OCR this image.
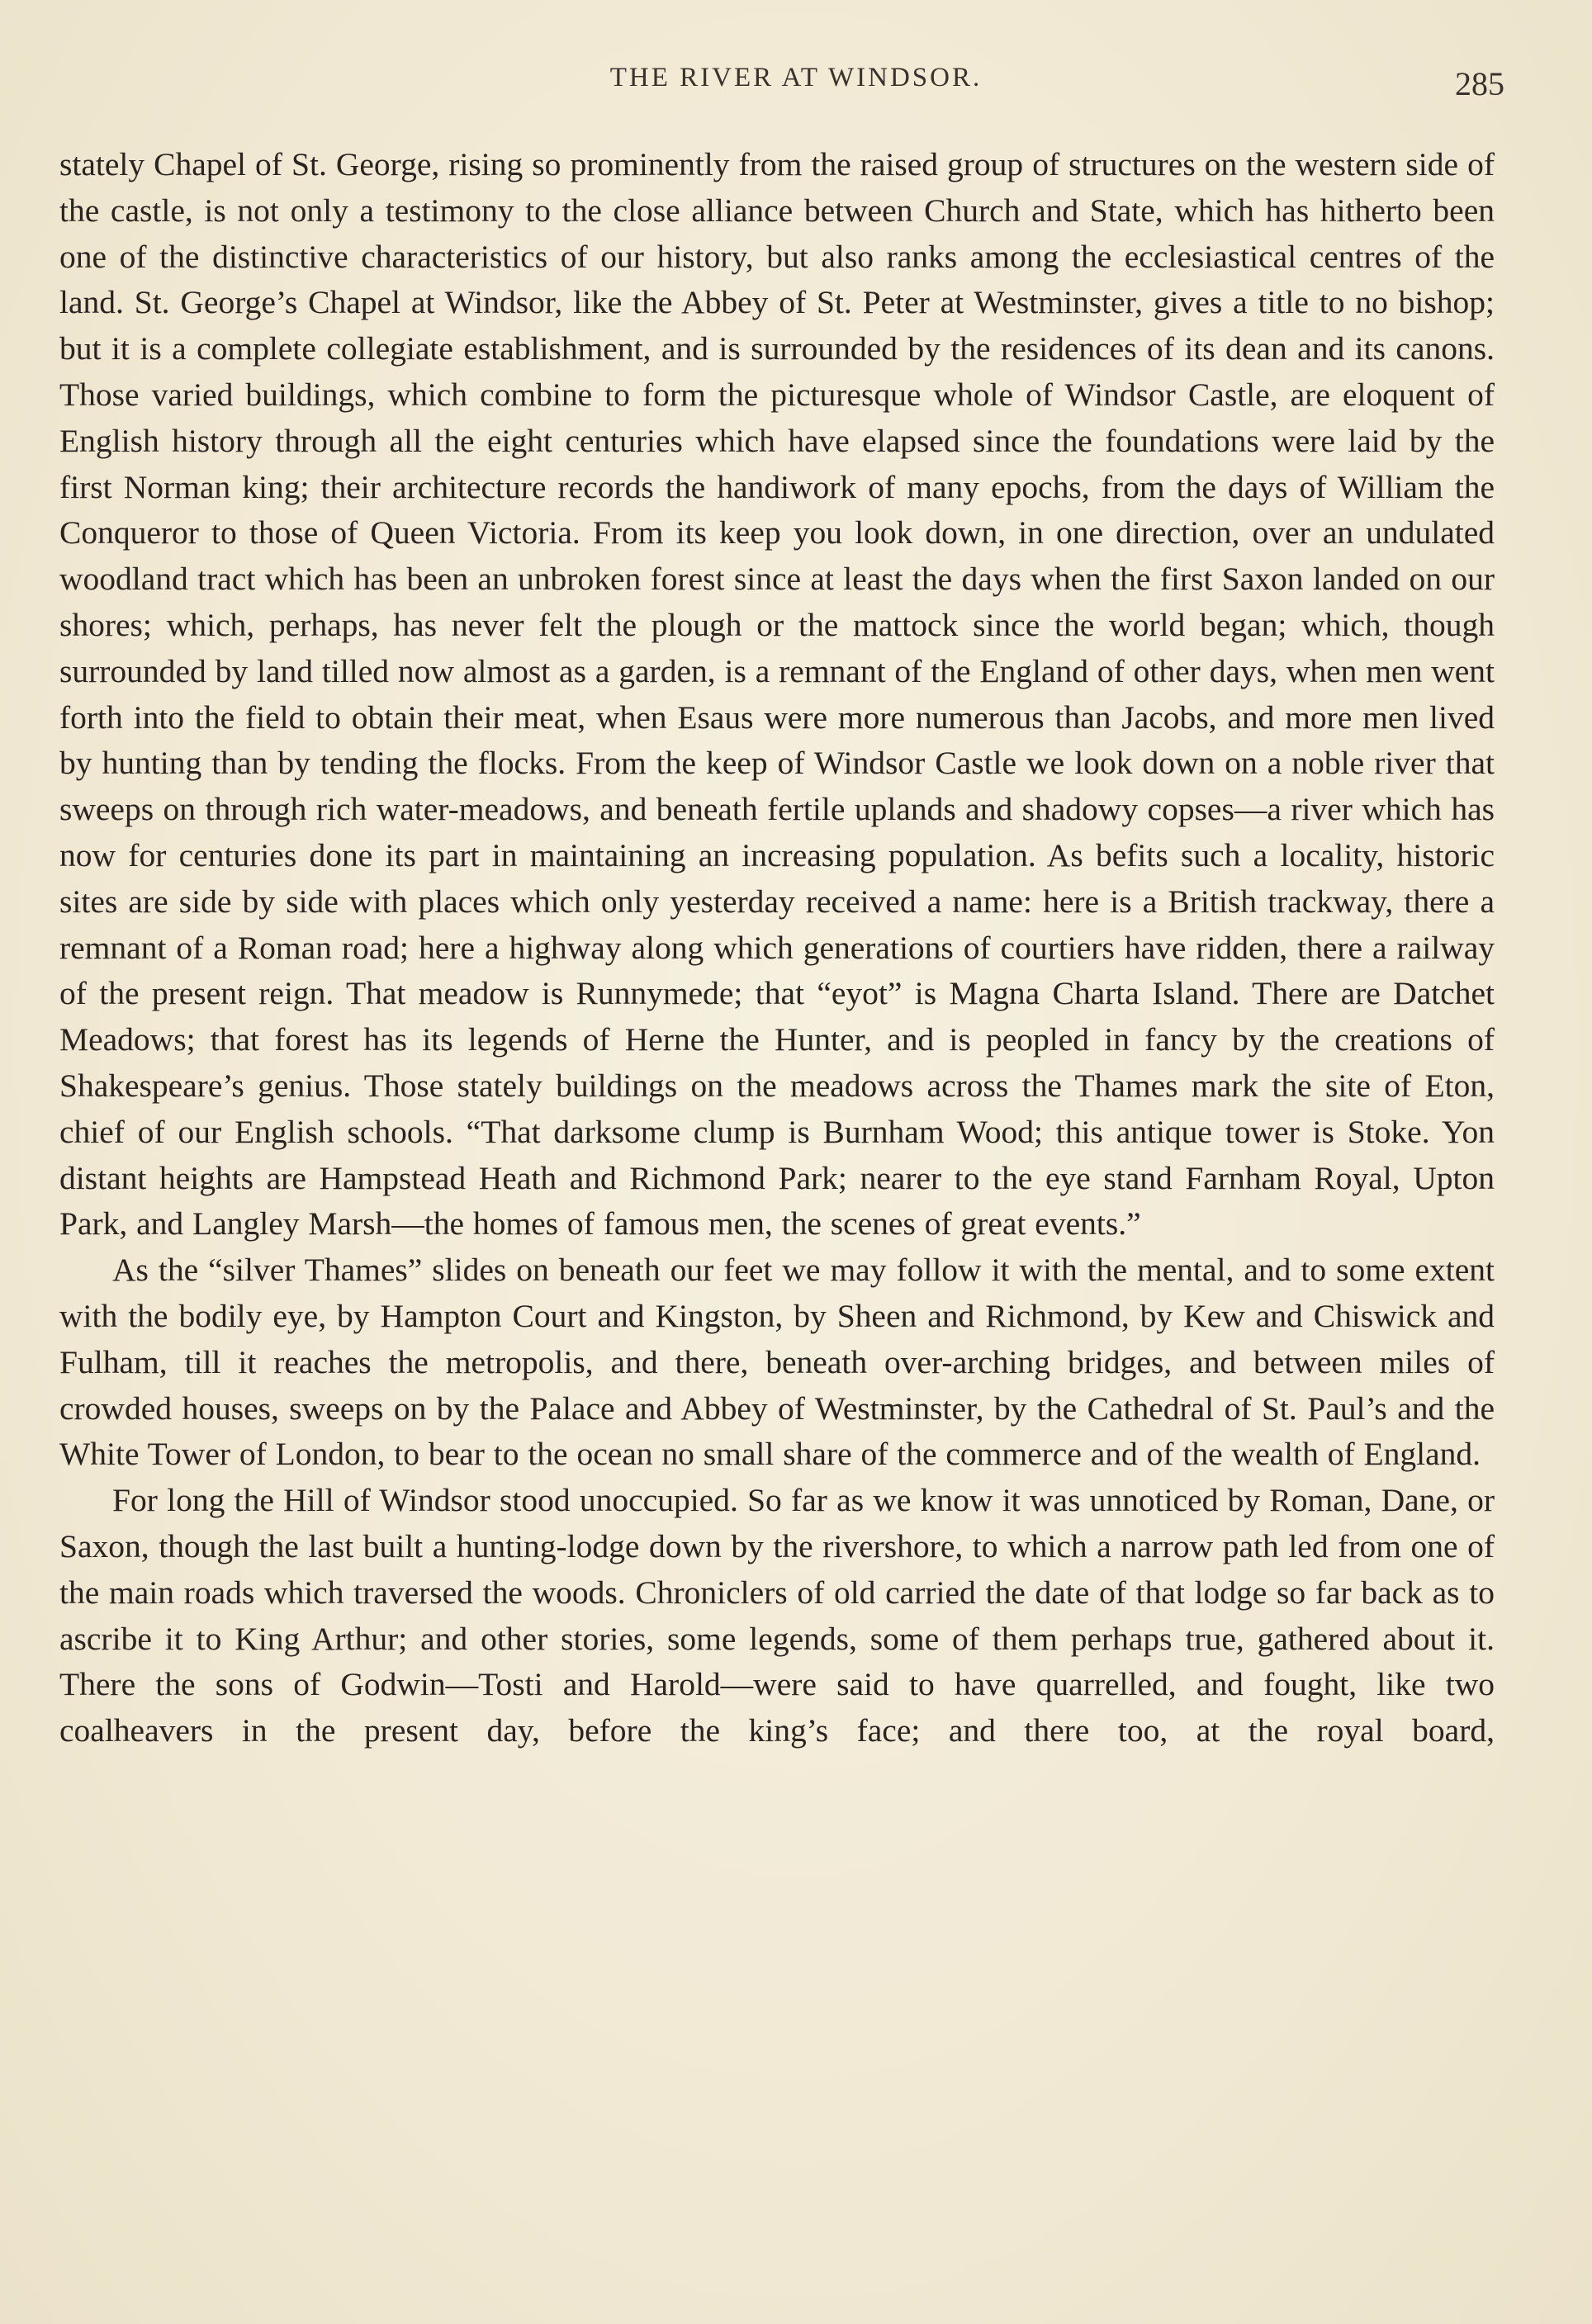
THE RIVER AT WINDSOR.	285

stately Chapel of St. George, rising so prominently from the raised group of structures on the western side of the castle, is not only a testimony to the close alliance between Church and State, which has hitherto been one of the distinctive characteristics of our history, but also ranks among the ecclesiastical centres of the land. St. George’s Chapel at Windsor, like the Abbey of St. Peter at Westminster, gives a title to no bishop; but it is a complete collegiate establishment, and is surrounded by the residences of its dean and its canons. Those varied buildings, which combine to form the picturesque whole of Windsor Castle, are eloquent of English history through all the eight centuries which have elapsed since the foundations were laid by the first Norman king; their architecture records the handiwork of many epochs, from the days of William the Conqueror to those of Queen Victoria. From its keep you look down, in one direction, over an undulated woodland tract which has been an unbroken forest since at least the days when the first Saxon landed on our shores; which, perhaps, has never felt the plough or the mattock since the world began; which, though surrounded by land tilled now almost as a garden, is a remnant of the England of other days, when men went forth into the field to obtain their meat, when Esaus were more numerous than Jacobs, and more men lived by hunting than by tending the flocks. From the keep of Windsor Castle we look down on a noble river that sweeps on through rich water-meadows, and beneath fertile uplands and shadowy copses—a river which has now for centuries done its part in maintaining an increasing population. As befits such a locality, historic sites are side by side with places which only yesterday received a name: here is a British trackway, there a remnant of a Roman road; here a highway along which generations of courtiers have ridden, there a railway of the present reign. That meadow is Runnymede; that “eyot” is Magna Charta Island. There are Datchet Meadows; that forest has its legends of Herne the Hunter, and is peopled in fancy by the creations of Shakespeare’s genius. Those stately buildings on the meadows across the Thames mark the site of Eton, chief of our English schools. “That darksome clump is Burnham Wood; this antique tower is Stoke. Yon distant heights are Hampstead Heath and Richmond Park; nearer to the eye stand Farnham Royal, Upton Park, and Langley Marsh—the homes of famous men, the scenes of great events.”

As the “silver Thames” slides on beneath our feet we may follow it with the mental, and to some extent with the bodily eye, by Hampton Court and Kingston, by Sheen and Richmond, by Kew and Chiswick and Fulham, till it reaches the metropolis, and there, beneath over-arching bridges, and between miles of crowded houses, sweeps on by the Palace and Abbey of Westminster, by the Cathedral of St. Paul’s and the White Tower of London, to bear to the ocean no small share of the commerce and of the wealth of England.

For long the Hill of Windsor stood unoccupied. So far as we know it was unnoticed by Roman, Dane, or Saxon, though the last built a hunting-lodge down by the rivershore, to which a narrow path led from one of the main roads which traversed the woods. Chroniclers of old carried the date of that lodge so far back as to ascribe it to King Arthur; and other stories, some legends, some of them perhaps true, gathered about it. There the sons of Godwin—Tosti and Harold—were said to have quarrelled, and fought, like two coalheavers in the present day, before the king’s face; and there too, at the royal board,
